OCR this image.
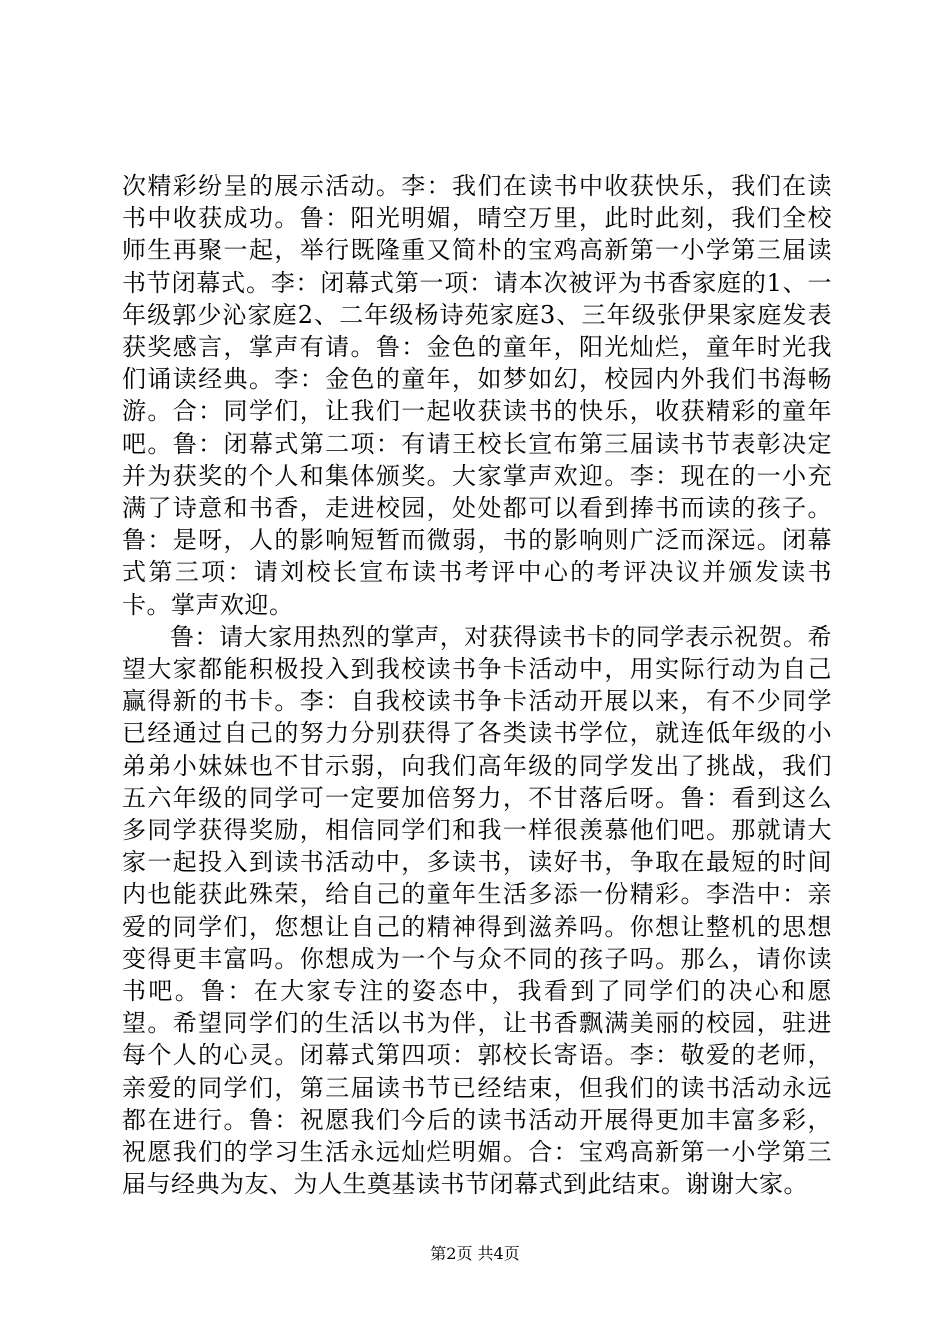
次精彩纷呈的展示活动。李：我们在读书中收获快乐，我们在读书中收获成功。鲁：阳光明媚，晴空万里，此时此刻，我们全校师生再聚一起，举行既隆重又简朴的宝鸡高新第一小学第三届读书节闭幕式。李：闭幕式第一项：请本次被评为书香家庭的1、一年级郭少沁家庭2、二年级杨诗苑家庭3、三年级张伊果家庭发表获奖感言，掌声有请。鲁：金色的童年，阳光灿烂，童年时光我们诵读经典。李：金色的童年，如梦如幻，校园内外我们书海畅游。合：同学们，让我们一起收获读书的快乐，收获精彩的童年吧。鲁：闭幕式第二项：有请王校长宣布第三届读书节表彰决定并为获奖的个人和集体颁奖。大家掌声欢迎。李：现在的一小充满了诗意和书香，走进校园，处处都可以看到捧书而读的孩子。鲁：是呀，人的影响短暂而微弱，书的影响则广泛而深远。闭幕式第三项：请刘校长宣布读书考评中心的考评决议并颁发读书卡。掌声欢迎。

鲁：请大家用热烈的掌声，对获得读书卡的同学表示祝贺。希望大家都能积极投入到我校读书争卡活动中，用实际行动为自己赢得新的书卡。李：自我校读书争卡活动开展以来，有不少同学已经通过自己的努力分别获得了各类读书学位，就连低年级的小弟弟小妹妹也不甘示弱，向我们高年级的同学发出了挑战，我们五六年级的同学可一定要加倍努力，不甘落后呀。鲁：看到这么多同学获得奖励，相信同学们和我一样很羡慕他们吧。那就请大家一起投入到读书活动中，多读书，读好书，争取在最短的时间内也能获此殊荣，给自己的童年生活多添一份精彩。李浩中：亲爱的同学们，您想让自己的精神得到滋养吗。你想让整机的思想变得更丰富吗。你想成为一个与众不同的孩子吗。那么，请你读书吧。鲁：在大家专注的姿态中，我看到了同学们的决心和愿望。希望同学们的生活以书为伴，让书香飘满美丽的校园，驻进每个人的心灵。闭幕式第四项：郭校长寄语。李：敬爱的老师，亲爱的同学们，第三届读书节已经结束，但我们的读书活动永远都在进行。鲁：祝愿我们今后的读书活动开展得更加丰富多彩，祝愿我们的学习生活永远灿烂明媚。合：宝鸡高新第一小学第三届与经典为友、为人生奠基读书节闭幕式到此结束。谢谢大家。

第2页 共4页
